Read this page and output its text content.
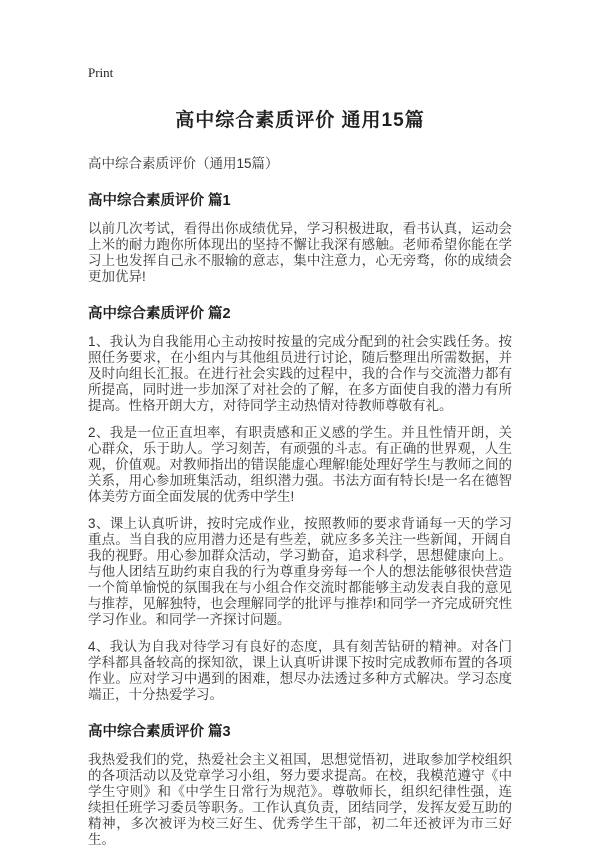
Print
高中综合素质评价 通用15篇
高中综合素质评价（通用15篇）
高中综合素质评价 篇1

以前几次考试，看得出你成绩优异，学习积极进取，看书认真，运动会上米的耐力跑你所体现出的坚持不懈让我深有感触。老师希望你能在学习上也发挥自己永不服输的意志，集中注意力，心无旁骛，你的成绩会更加优异!

高中综合素质评价 篇2

1、我认为自我能用心主动按时按量的完成分配到的社会实践任务。按照任务要求，在小组内与其他组员进行讨论，随后整理出所需数据，并及时向组长汇报。在进行社会实践的过程中，我的合作与交流潜力都有所提高，同时进一步加深了对社会的了解，在多方面使自我的潜力有所提高。性格开朗大方，对待同学主动热情对待教师尊敬有礼。

2、我是一位正直坦率，有职责感和正义感的学生。并且性情开朗，关心群众，乐于助人。学习刻苦，有顽强的斗志。有正确的世界观，人生观，价值观。对教师指出的错误能虚心理解!能处理好学生与教师之间的关系，用心参加班集活动，组织潜力强。书法方面有特长!是一名在德智体美劳方面全面发展的优秀中学生!

3、课上认真听讲，按时完成作业，按照教师的要求背诵每一天的学习重点。当自我的应用潜力还是有些差，就应多多关注一些新闻，开阔自我的视野。用心参加群众活动，学习勤奋，追求科学，思想健康向上。与他人团结互助约束自我的行为尊重身旁每一个人的想法能够很快营造一个简单愉悦的氛围我在与小组合作交流时都能够主动发表自我的意见与推荐，见解独特，也会理解同学的批评与推荐!和同学一齐完成研究性学习作业。和同学一齐探讨问题。

4、我认为自我对待学习有良好的态度，具有刻苦钻研的精神。对各门学科都具备较高的探知欲，课上认真听讲课下按时完成教师布置的各项作业。应对学习中遇到的困难，想尽办法透过多种方式解决。学习态度端正，十分热爱学习。

高中综合素质评价 篇3

我热爱我们的党，热爱社会主义祖国，思想觉悟初，进取参加学校组织的各项活动以及党章学习小组，努力要求提高。在校，我模范遵守《中学生守则》和《中学生日常行为规范》。尊敬师长，组织纪律性强，连续担任班学习委员等职务。工作认真负责，团结同学，发挥友爱互助的精神，多次被评为校三好生、优秀学生干部，初二年还被评为市三好生。
